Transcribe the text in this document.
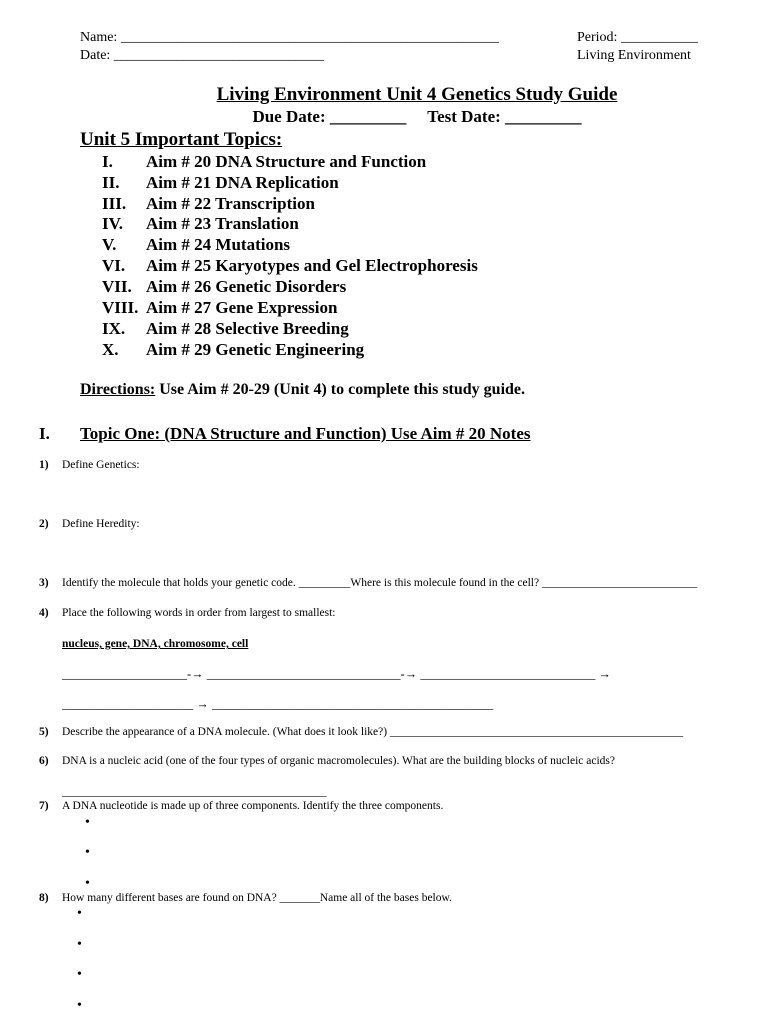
Name: ______________________________________________________
Date: ______________________________
Period: ___________
Living Environment
Living Environment Unit 4 Genetics Study Guide
Due Date: _________     Test Date: _________
Unit 5 Important Topics:
I. Aim # 20 DNA Structure and Function
II. Aim # 21 DNA Replication
III. Aim # 22 Transcription
IV. Aim # 23 Translation
V. Aim # 24 Mutations
VI. Aim # 25 Karyotypes and Gel Electrophoresis
VII. Aim # 26 Genetic Disorders
VIII. Aim # 27 Gene Expression
IX. Aim # 28 Selective Breeding
X. Aim # 29 Genetic Engineering
Directions: Use Aim # 20-29 (Unit 4) to complete this study guide.
I. Topic One: (DNA Structure and Function) Use Aim # 20 Notes
1) Define Genetics:
2) Define Heredity:
3) Identify the molecule that holds your genetic code. _________Where is this molecule found in the cell? ___________________________
4) Place the following words in order from largest to smallest:
nucleus, gene, DNA, chromosome, cell
____________________-→ _______________________________-→ ____________________________ →
_____________________ → _____________________________________________
5) Describe the appearance of a DNA molecule. (What does it look like?) ___________________________________________________
6) DNA is a nucleic acid (one of the four types of organic macromolecules). What are the building blocks of nucleic acids?
______________________________________________
7) A DNA nucleotide is made up of three components. Identify the three components.
•
•
•
8) How many different bases are found on DNA? _______Name all of the bases below.
•
•
•
•
